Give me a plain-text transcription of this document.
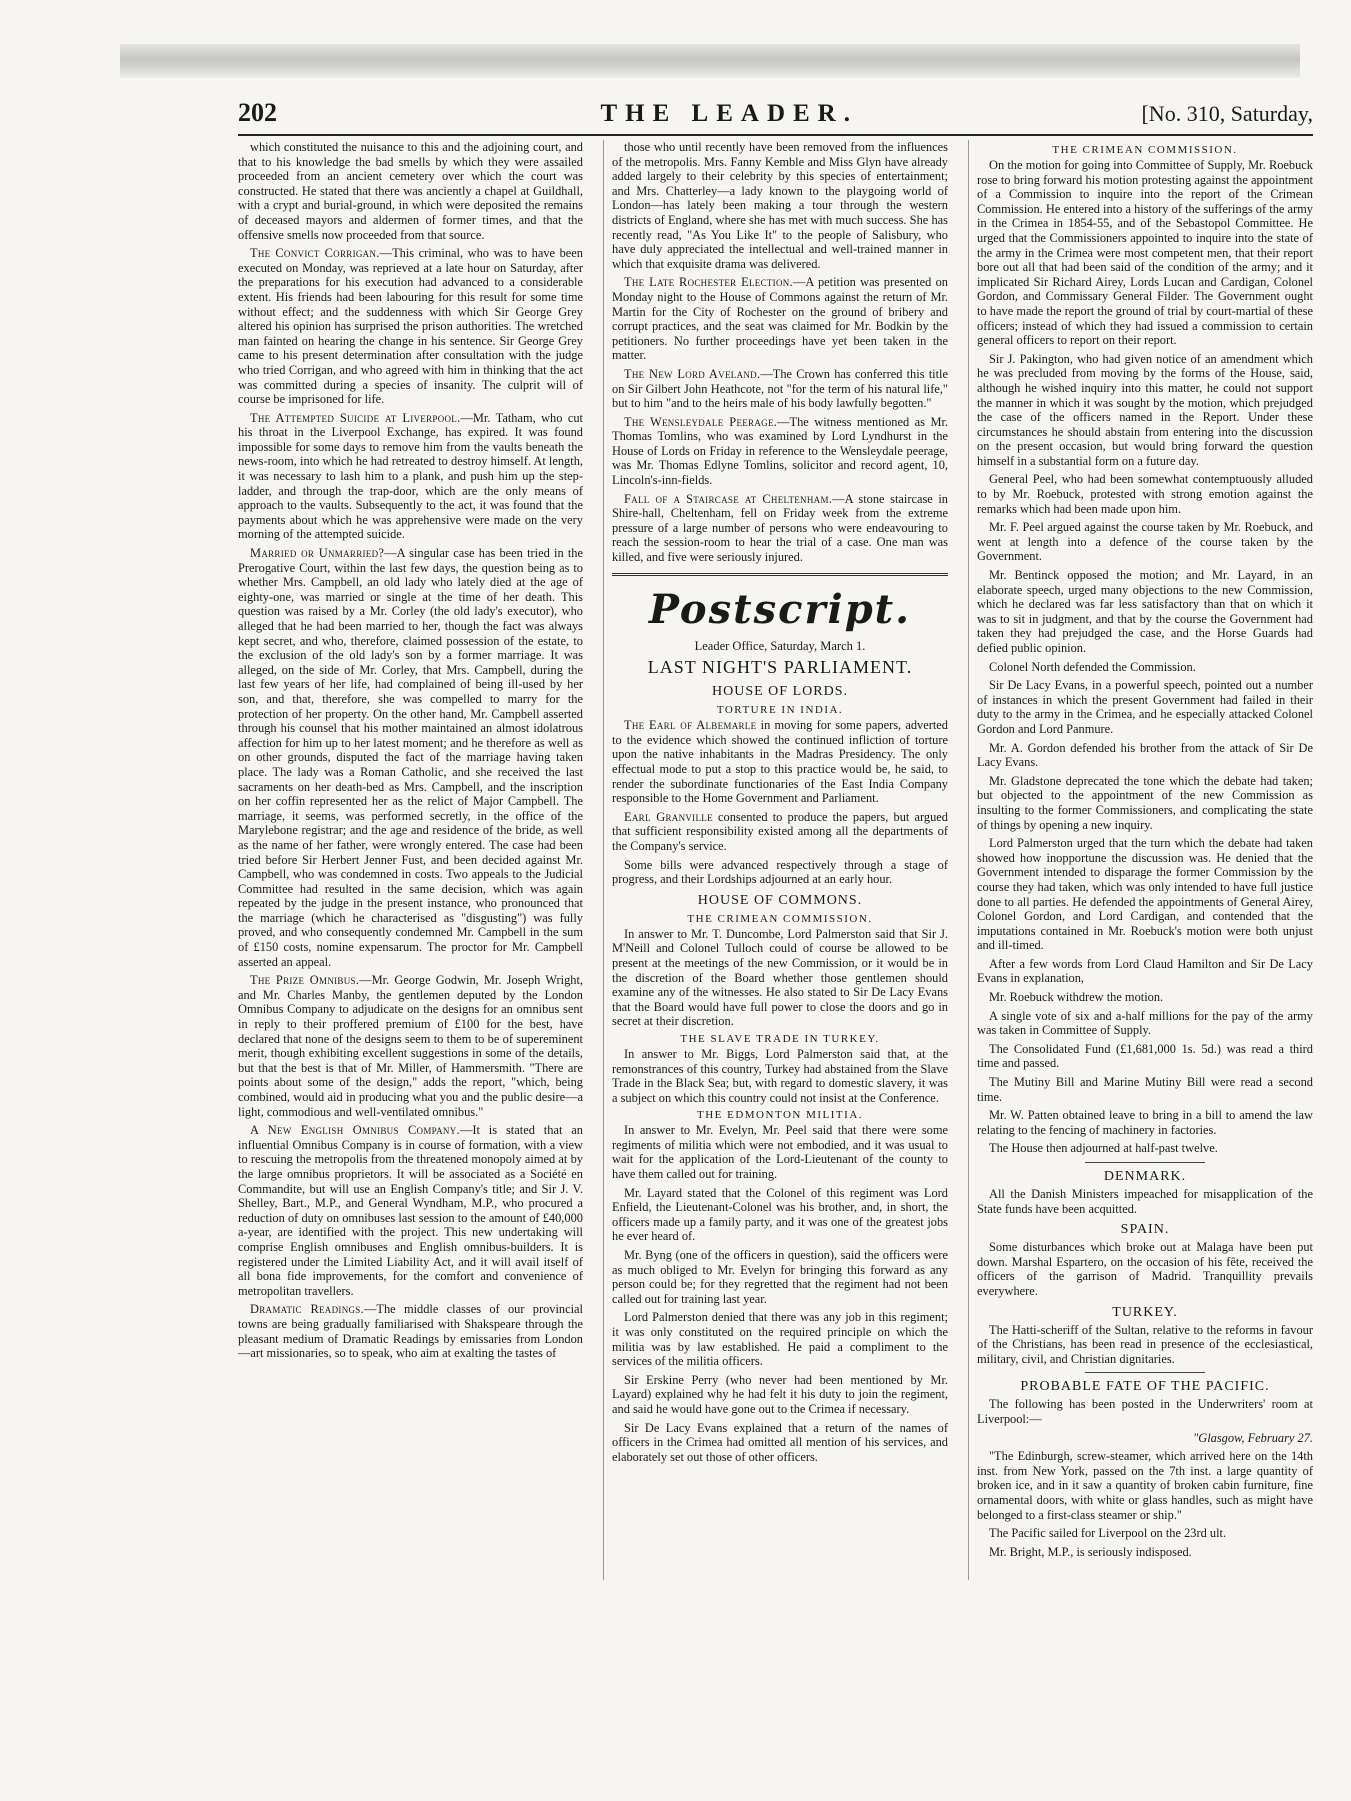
202	THE LEADER.	[No. 310, Saturday,

which constituted the nuisance to this and the adjoining court, and that to his knowledge the bad smells by which they were assailed proceeded from an ancient cemetery over which the court was constructed. He stated that there was anciently a chapel at Guildhall, with a crypt and burial-ground, in which were deposited the remains of deceased mayors and aldermen of former times, and that the offensive smells now proceeded from that source.

The Convict Corrigan.—This criminal, who was to have been executed on Monday, was reprieved at a late hour on Saturday, after the preparations for his execution had advanced to a considerable extent. His friends had been labouring for this result for some time without effect; and the suddenness with which Sir George Grey altered his opinion has surprised the prison authorities. The wretched man fainted on hearing the change in his sentence. Sir George Grey came to his present determination after consultation with the judge who tried Corrigan, and who agreed with him in thinking that the act was committed during a species of insanity. The culprit will of course be imprisoned for life.

The Attempted Suicide at Liverpool.—Mr. Tatham, who cut his throat in the Liverpool Exchange, has expired. It was found impossible for some days to remove him from the vaults beneath the news-room, into which he had retreated to destroy himself. At length, it was necessary to lash him to a plank, and push him up the step-ladder, and through the trap-door, which are the only means of approach to the vaults. Subsequently to the act, it was found that the payments about which he was apprehensive were made on the very morning of the attempted suicide.

Married or Unmarried?—A singular case has been tried in the Prerogative Court, within the last few days, the question being as to whether Mrs. Campbell, an old lady who lately died at the age of eighty-one, was married or single at the time of her death. This question was raised by a Mr. Corley (the old lady's executor), who alleged that he had been married to her, though the fact was always kept secret, and who, therefore, claimed possession of the estate, to the exclusion of the old lady's son by a former marriage. It was alleged, on the side of Mr. Corley, that Mrs. Campbell, during the last few years of her life, had complained of being ill-used by her son, and that, therefore, she was compelled to marry for the protection of her property. On the other hand, Mr. Campbell asserted through his counsel that his mother maintained an almost idolatrous affection for him up to her latest moment; and he therefore as well as on other grounds, disputed the fact of the marriage having taken place. The lady was a Roman Catholic, and she received the last sacraments on her death-bed as Mrs. Campbell, and the inscription on her coffin represented her as the relict of Major Campbell. The marriage, it seems, was performed secretly, in the office of the Marylebone registrar; and the age and residence of the bride, as well as the name of her father, were wrongly entered. The case had been tried before Sir Herbert Jenner Fust, and been decided against Mr. Campbell, who was condemned in costs. Two appeals to the Judicial Committee had resulted in the same decision, which was again repeated by the judge in the present instance, who pronounced that the marriage (which he characterised as "disgusting") was fully proved, and who consequently condemned Mr. Campbell in the sum of £150 costs, nomine expensarum. The proctor for Mr. Campbell asserted an appeal.

The Prize Omnibus.—Mr. George Godwin, Mr. Joseph Wright, and Mr. Charles Manby, the gentlemen deputed by the London Omnibus Company to adjudicate on the designs for an omnibus sent in reply to their proffered premium of £100 for the best, have declared that none of the designs seem to them to be of supereminent merit, though exhibiting excellent suggestions in some of the details, but that the best is that of Mr. Miller, of Hammersmith. "There are points about some of the design," adds the report, "which, being combined, would aid in producing what you and the public desire—a light, commodious and well-ventilated omnibus."

A New English Omnibus Company.—It is stated that an influential Omnibus Company is in course of formation, with a view to rescuing the metropolis from the threatened monopoly aimed at by the large omnibus proprietors. It will be associated as a Société en Commandite, but will use an English Company's title; and Sir J. V. Shelley, Bart., M.P., and General Wyndham, M.P., who procured a reduction of duty on omnibuses last session to the amount of £40,000 a-year, are identified with the project. This new undertaking will comprise English omnibuses and English omnibus-builders. It is registered under the Limited Liability Act, and it will avail itself of all bona fide improvements, for the comfort and convenience of metropolitan travellers.

Dramatic Readings.—The middle classes of our provincial towns are being gradually familiarised with Shakspeare through the pleasant medium of Dramatic Readings by emissaries from London—art missionaries, so to speak, who aim at exalting the tastes of

those who until recently have been removed from the influences of the metropolis. Mrs. Fanny Kemble and Miss Glyn have already added largely to their celebrity by this species of entertainment; and Mrs. Chatterley—a lady known to the playgoing world of London—has lately been making a tour through the western districts of England, where she has met with much success. She has recently read, "As You Like It" to the people of Salisbury, who have duly appreciated the intellectual and well-trained manner in which that exquisite drama was delivered.

The Late Rochester Election.—A petition was presented on Monday night to the House of Commons against the return of Mr. Martin for the City of Rochester on the ground of bribery and corrupt practices, and the seat was claimed for Mr. Bodkin by the petitioners. No further proceedings have yet been taken in the matter.

The New Lord Aveland.—The Crown has conferred this title on Sir Gilbert John Heathcote, not "for the term of his natural life," but to him "and to the heirs male of his body lawfully begotten."

The Wensleydale Peerage.—The witness mentioned as Mr. Thomas Tomlins, who was examined by Lord Lyndhurst in the House of Lords on Friday in reference to the Wensleydale peerage, was Mr. Thomas Edlyne Tomlins, solicitor and record agent, 10, Lincoln's-inn-fields.

Fall of a Staircase at Cheltenham.—A stone staircase in Shire-hall, Cheltenham, fell on Friday week from the extreme pressure of a large number of persons who were endeavouring to reach the session-room to hear the trial of a case. One man was killed, and five were seriously injured.

Postscript.

Leader Office, Saturday, March 1.

LAST NIGHT'S PARLIAMENT.
HOUSE OF LORDS.
TORTURE IN INDIA.

The Earl of Albemarle in moving for some papers, adverted to the evidence which showed the continued infliction of torture upon the native inhabitants in the Madras Presidency. The only effectual mode to put a stop to this practice would be, he said, to render the subordinate functionaries of the East India Company responsible to the Home Government and Parliament.

Earl Granville consented to produce the papers, but argued that sufficient responsibility existed among all the departments of the Company's service.

Some bills were advanced respectively through a stage of progress, and their Lordships adjourned at an early hour.

HOUSE OF COMMONS.
THE CRIMEAN COMMISSION.

In answer to Mr. T. Duncombe, Lord Palmerston said that Sir J. M'Neill and Colonel Tulloch could of course be allowed to be present at the meetings of the new Commission, or it would be in the discretion of the Board whether those gentlemen should examine any of the witnesses. He also stated to Sir De Lacy Evans that the Board would have full power to close the doors and go in secret at their discretion.

THE SLAVE TRADE IN TURKEY.

In answer to Mr. Biggs, Lord Palmerston said that, at the remonstrances of this country, Turkey had abstained from the Slave Trade in the Black Sea; but, with regard to domestic slavery, it was a subject on which this country could not insist at the Conference.

THE EDMONTON MILITIA.

In answer to Mr. Evelyn, Mr. Peel said that there were some regiments of militia which were not embodied, and it was usual to wait for the application of the Lord-Lieutenant of the county to have them called out for training.

Mr. Layard stated that the Colonel of this regiment was Lord Enfield, the Lieutenant-Colonel was his brother, and, in short, the officers made up a family party, and it was one of the greatest jobs he ever heard of.

Mr. Byng (one of the officers in question), said the officers were as much obliged to Mr. Evelyn for bringing this forward as any person could be; for they regretted that the regiment had not been called out for training last year.

Lord Palmerston denied that there was any job in this regiment; it was only constituted on the required principle on which the militia was by law established. He paid a compliment to the services of the militia officers.

Sir Erskine Perry (who never had been mentioned by Mr. Layard) explained why he had felt it his duty to join the regiment, and said he would have gone out to the Crimea if necessary.

Sir De Lacy Evans explained that a return of the names of officers in the Crimea had omitted all mention of his services, and elaborately set out those of other officers.

THE CRIMEAN COMMISSION.

On the motion for going into Committee of Supply, Mr. Roebuck rose to bring forward his motion protesting against the appointment of a Commission to inquire into the report of the Crimean Commission. He entered into a history of the sufferings of the army in the Crimea in 1854-55, and of the Sebastopol Committee. He urged that the Commissioners appointed to inquire into the state of the army in the Crimea were most competent men, that their report bore out all that had been said of the condition of the army; and it implicated Sir Richard Airey, Lords Lucan and Cardigan, Colonel Gordon, and Commissary General Filder. The Government ought to have made the report the ground of trial by court-martial of these officers; instead of which they had issued a commission to certain general officers to report on their report.

Sir J. Pakington, who had given notice of an amendment which he was precluded from moving by the forms of the House, said, although he wished inquiry into this matter, he could not support the manner in which it was sought by the motion, which prejudged the case of the officers named in the Report. Under these circumstances he should abstain from entering into the discussion on the present occasion, but would bring forward the question himself in a substantial form on a future day.

General Peel, who had been somewhat contemptuously alluded to by Mr. Roebuck, protested with strong emotion against the remarks which had been made upon him.

Mr. F. Peel argued against the course taken by Mr. Roebuck, and went at length into a defence of the course taken by the Government.

Mr. Bentinck opposed the motion; and Mr. Layard, in an elaborate speech, urged many objections to the new Commission, which he declared was far less satisfactory than that on which it was to sit in judgment, and that by the course the Government had taken they had prejudged the case, and the Horse Guards had defied public opinion.

Colonel North defended the Commission.

Sir De Lacy Evans, in a powerful speech, pointed out a number of instances in which the present Government had failed in their duty to the army in the Crimea, and he especially attacked Colonel Gordon and Lord Panmure.

Mr. A. Gordon defended his brother from the attack of Sir De Lacy Evans.

Mr. Gladstone deprecated the tone which the debate had taken; but objected to the appointment of the new Commission as insulting to the former Commissioners, and complicating the state of things by opening a new inquiry.

Lord Palmerston urged that the turn which the debate had taken showed how inopportune the discussion was. He denied that the Government intended to disparage the former Commission by the course they had taken, which was only intended to have full justice done to all parties. He defended the appointments of General Airey, Colonel Gordon, and Lord Cardigan, and contended that the imputations contained in Mr. Roebuck's motion were both unjust and ill-timed.

After a few words from Lord Claud Hamilton and Sir De Lacy Evans in explanation,

Mr. Roebuck withdrew the motion.

A single vote of six and a-half millions for the pay of the army was taken in Committee of Supply.

The Consolidated Fund (£1,681,000 1s. 5d.) was read a third time and passed.

The Mutiny Bill and Marine Mutiny Bill were read a second time.

Mr. W. Patten obtained leave to bring in a bill to amend the law relating to the fencing of machinery in factories.

The House then adjourned at half-past twelve.

DENMARK.

All the Danish Ministers impeached for misapplication of the State funds have been acquitted.

SPAIN.

Some disturbances which broke out at Malaga have been put down. Marshal Espartero, on the occasion of his fête, received the officers of the garrison of Madrid. Tranquillity prevails everywhere.

TURKEY.

The Hatti-scheriff of the Sultan, relative to the reforms in favour of the Christians, has been read in presence of the ecclesiastical, military, civil, and Christian dignitaries.

PROBABLE FATE OF THE PACIFIC.

The following has been posted in the Underwriters' room at Liverpool:—

"Glasgow, February 27.

"The Edinburgh, screw-steamer, which arrived here on the 14th inst. from New York, passed on the 7th inst. a large quantity of broken ice, and in it saw a quantity of broken cabin furniture, fine ornamental doors, with white or glass handles, such as might have belonged to a first-class steamer or ship."

The Pacific sailed for Liverpool on the 23rd ult.

Mr. Bright, M.P., is seriously indisposed.
